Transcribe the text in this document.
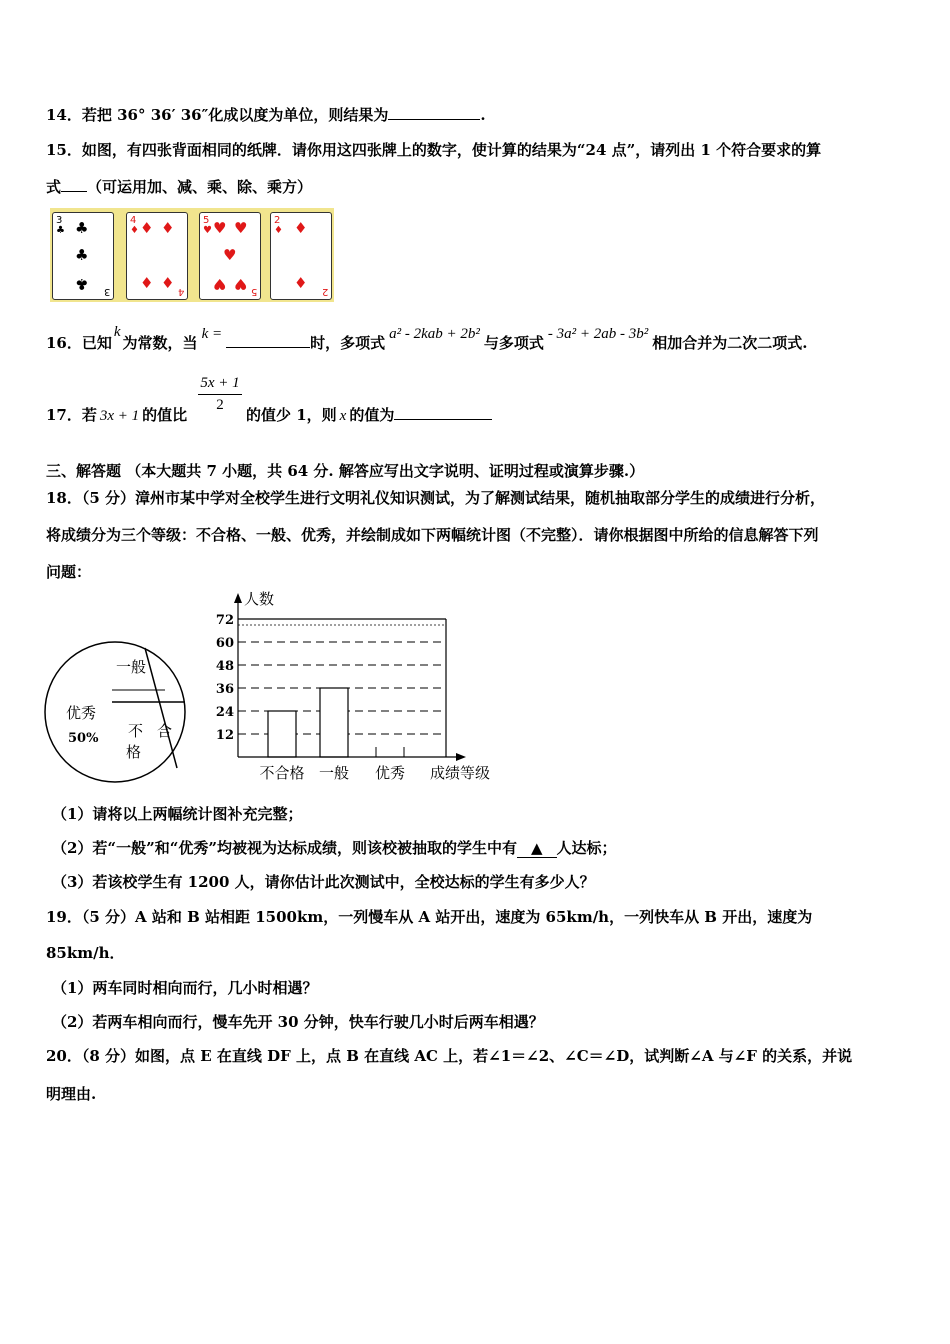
14．若把 36° 36′ 36″化成以度为单位，则结果为	.
15．如图，有四张背面相同的纸牌．请你用这四张牌上的数字，使计算的结果为“24 点”，请列出 1 个符合要求的算
式 （可运用加、减、乘、除、乘方）
3
♣ ♣
♣
♣ 3
4
♦ ♦ ♦
♦ ♦ 4
5
♥ ♥ ♥
♥
♥ ♥ 5
2
♦ ♦
♦ 2
16．已知k为常数，当 k =	时，多项式 a² - 2kab + 2b² 与多项式 - 3a² + 2ab - 3b² 相加合并为二次二项式.
17．若 3x + 1 的值比
5x + 1
2
的值少 1，则 x 的值为
三、解答题 （本大题共 7 小题，共 64 分. 解答应写出文字说明、证明过程或演算步骤.）
18．（5 分）漳州市某中学对全校学生进行文明礼仪知识测试，为了解测试结果，随机抽取部分学生的成绩进行分析，
将成绩分为三个等级：不合格、一般、优秀，并绘制成如下两幅统计图（不完整）．请你根据图中所给的信息解答下列
问题：
一般
优秀
50% 不 合
格
12
24
36
48
60
72
不合格 一般 优秀
人数
成绩等级
（1）请将以上两幅统计图补充完整；
（2）若“一般”和“优秀”均被视为达标成绩，则该校被抽取的学生中有 ▲ 人达标；
（3）若该校学生有 1200 人，请你估计此次测试中，全校达标的学生有多少人？
19．（5 分）A 站和 B 站相距 1500km，一列慢车从 A 站开出，速度为 65km/h，一列快车从 B 开出，速度为
85km/h．
（1）两车同时相向而行，几小时相遇？
（2）若两车相向而行，慢车先开 30 分钟，快车行驶几小时后两车相遇？
20．（8 分）如图，点 E 在直线 DF 上，点 B 在直线 AC 上，若∠1＝∠2、∠C＝∠D，试判断∠A 与∠F 的关系，并说
明理由.
